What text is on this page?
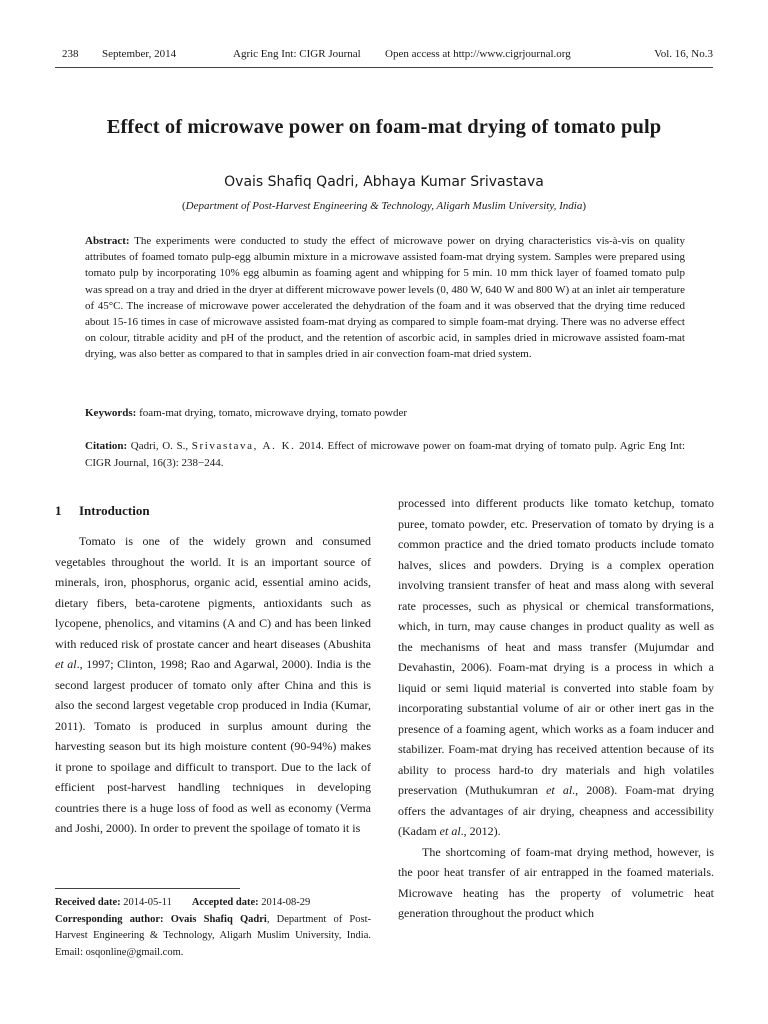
238 September, 2014	Agric Eng Int: CIGR Journal Open access at http://www.cigrjournal.org	Vol. 16, No.3
Effect of microwave power on foam-mat drying of tomato pulp
Ovais Shafiq Qadri, Abhaya Kumar Srivastava
(Department of Post-Harvest Engineering & Technology, Aligarh Muslim University, India)
Abstract: The experiments were conducted to study the effect of microwave power on drying characteristics vis-à-vis on quality attributes of foamed tomato pulp-egg albumin mixture in a microwave assisted foam-mat drying system. Samples were prepared using tomato pulp by incorporating 10% egg albumin as foaming agent and whipping for 5 min. 10 mm thick layer of foamed tomato pulp was spread on a tray and dried in the dryer at different microwave power levels (0, 480 W, 640 W and 800 W) at an inlet air temperature of 45°C. The increase of microwave power accelerated the dehydration of the foam and it was observed that the drying time reduced about 15-16 times in case of microwave assisted foam-mat drying as compared to simple foam-mat drying. There was no adverse effect on colour, titrable acidity and pH of the product, and the retention of ascorbic acid, in samples dried in microwave assisted foam-mat drying, was also better as compared to that in samples dried in air convection foam-mat dried system.
Keywords: foam-mat drying, tomato, microwave drying, tomato powder
Citation: Qadri, O. S., Srivastava, A. K. 2014. Effect of microwave power on foam-mat drying of tomato pulp. Agric Eng Int: CIGR Journal, 16(3): 238−244.
1 Introduction

Tomato is one of the widely grown and consumed vegetables throughout the world. It is an important source of minerals, iron, phosphorus, organic acid, essential amino acids, dietary fibers, beta-carotene pigments, antioxidants such as lycopene, phenolics, and vitamins (A and C) and has been linked with reduced risk of prostate cancer and heart diseases (Abushita et al., 1997; Clinton, 1998; Rao and Agarwal, 2000). India is the second largest producer of tomato only after China and this is also the second largest vegetable crop produced in India (Kumar, 2011). Tomato is produced in surplus amount during the harvesting season but its high moisture content (90-94%) makes it prone to spoilage and difficult to transport. Due to the lack of efficient post-harvest handling techniques in developing countries there is a huge loss of food as well as economy (Verma and Joshi, 2000). In order to prevent the spoilage of tomato it is

processed into different products like tomato ketchup, tomato puree, tomato powder, etc. Preservation of tomato by drying is a common practice and the dried tomato products include tomato halves, slices and powders. Drying is a complex operation involving transient transfer of heat and mass along with several rate processes, such as physical or chemical transformations, which, in turn, may cause changes in product quality as well as the mechanisms of heat and mass transfer (Mujumdar and Devahastin, 2006). Foam-mat drying is a process in which a liquid or semi liquid material is converted into stable foam by incorporating substantial volume of air or other inert gas in the presence of a foaming agent, which works as a foam inducer and stabilizer. Foam-mat drying has received attention because of its ability to process hard-to dry materials and high volatiles preservation (Muthukumran et al., 2008). Foam-mat drying offers the advantages of air drying, cheapness and accessibility (Kadam et al., 2012).

The shortcoming of foam-mat drying method, however, is the poor heat transfer of air entrapped in the foamed materials. Microwave heating has the property of volumetric heat generation throughout the product which

Received date: 2014-05-11 Accepted date: 2014-08-29
Corresponding author: Ovais Shafiq Qadri, Department of Post-Harvest Engineering & Technology, Aligarh Muslim University, India. Email: osqonline@gmail.com.
